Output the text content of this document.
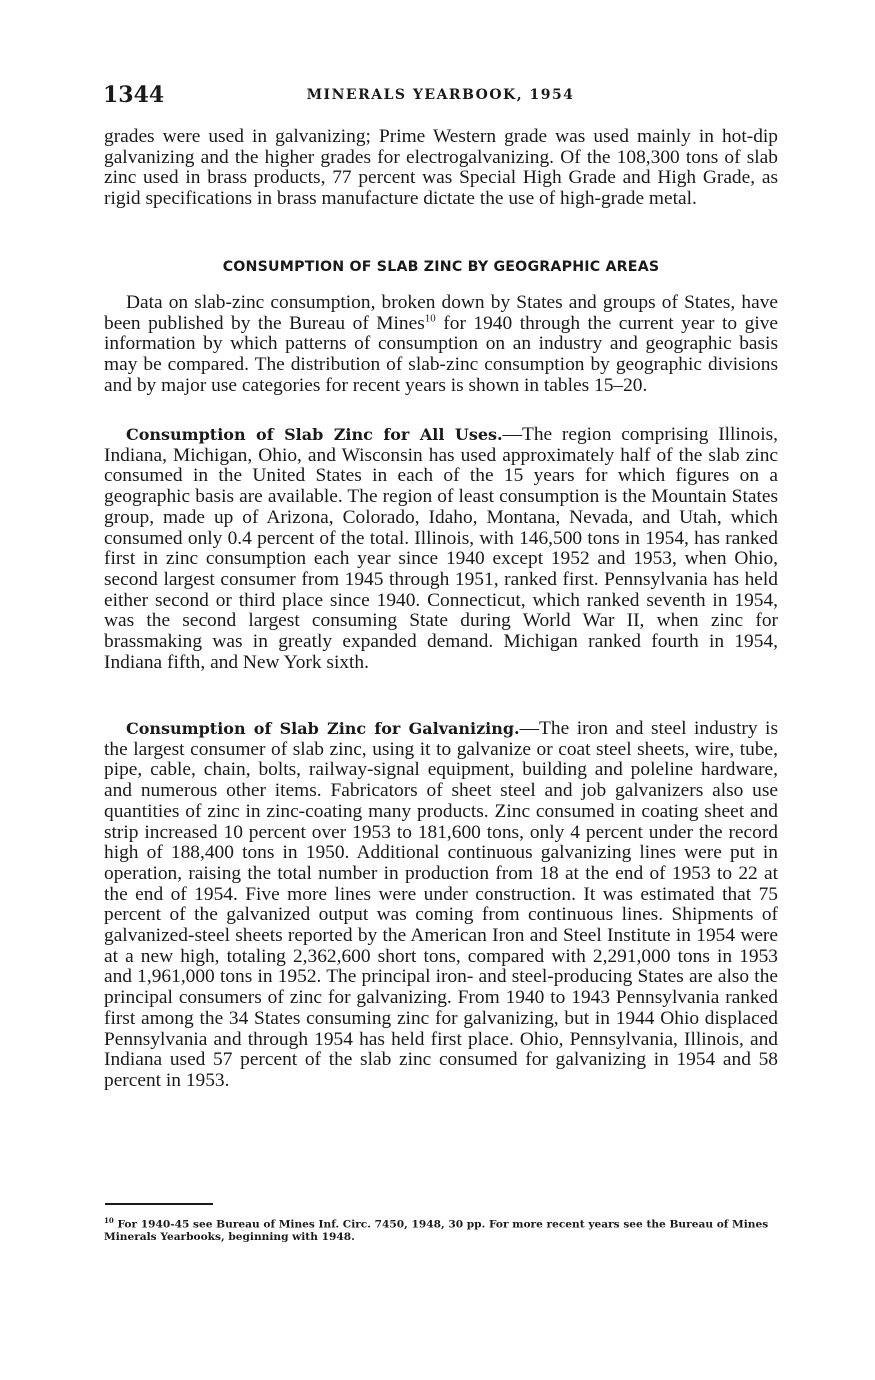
1344	MINERALS YEARBOOK, 1954

grades were used in galvanizing; Prime Western grade was used mainly in hot-dip galvanizing and the higher grades for electrogalvanizing. Of the 108,300 tons of slab zinc used in brass products, 77 percent was Special High Grade and High Grade, as rigid specifications in brass manufacture dictate the use of high-grade metal.

CONSUMPTION OF SLAB ZINC BY GEOGRAPHIC AREAS

Data on slab-zinc consumption, broken down by States and groups of States, have been published by the Bureau of Mines$^{10}$ for 1940 through the current year to give information by which patterns of consumption on an industry and geographic basis may be compared. The distribution of slab-zinc consumption by geographic divisions and by major use categories for recent years is shown in tables 15–20.

Consumption of Slab Zinc for All Uses.—The region comprising Illinois, Indiana, Michigan, Ohio, and Wisconsin has used approximately half of the slab zinc consumed in the United States in each of the 15 years for which figures on a geographic basis are available. The region of least consumption is the Mountain States group, made up of Arizona, Colorado, Idaho, Montana, Nevada, and Utah, which consumed only 0.4 percent of the total. Illinois, with 146,500 tons in 1954, has ranked first in zinc consumption each year since 1940 except 1952 and 1953, when Ohio, second largest consumer from 1945 through 1951, ranked first. Pennsylvania has held either second or third place since 1940. Connecticut, which ranked seventh in 1954, was the second largest consuming State during World War II, when zinc for brassmaking was in greatly expanded demand. Michigan ranked fourth in 1954, Indiana fifth, and New York sixth.

Consumption of Slab Zinc for Galvanizing.—The iron and steel industry is the largest consumer of slab zinc, using it to galvanize or coat steel sheets, wire, tube, pipe, cable, chain, bolts, railway-signal equipment, building and poleline hardware, and numerous other items. Fabricators of sheet steel and job galvanizers also use quantities of zinc in zinc-coating many products. Zinc consumed in coating sheet and strip increased 10 percent over 1953 to 181,600 tons, only 4 percent under the record high of 188,400 tons in 1950. Additional continuous galvanizing lines were put in operation, raising the total number in production from 18 at the end of 1953 to 22 at the end of 1954. Five more lines were under construction. It was estimated that 75 percent of the galvanized output was coming from continuous lines. Shipments of galvanized-steel sheets reported by the American Iron and Steel Institute in 1954 were at a new high, totaling 2,362,600 short tons, compared with 2,291,000 tons in 1953 and 1,961,000 tons in 1952. The principal iron- and steel-producing States are also the principal consumers of zinc for galvanizing. From 1940 to 1943 Pennsylvania ranked first among the 34 States consuming zinc for galvanizing, but in 1944 Ohio displaced Pennsylvania and through 1954 has held first place. Ohio, Pennsylvania, Illinois, and Indiana used 57 percent of the slab zinc consumed for galvanizing in 1954 and 58 percent in 1953.

$^{10}$ For 1940-45 see Bureau of Mines Inf. Circ. 7450, 1948, 30 pp. For more recent years see the Bureau of Mines Minerals Yearbooks, beginning with 1948.
